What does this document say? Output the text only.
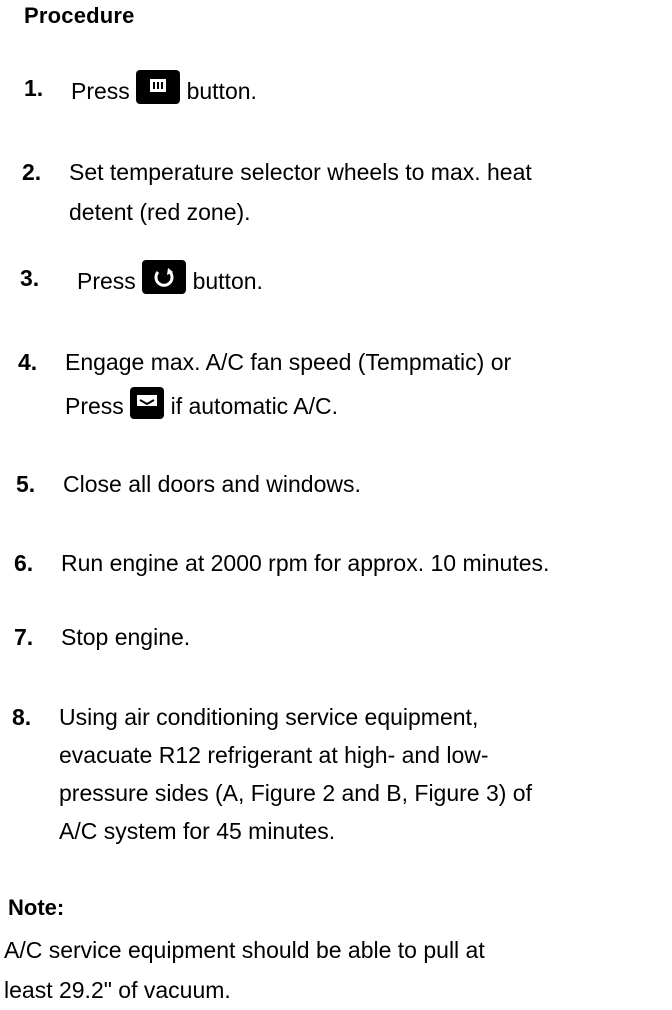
Procedure
1. Press button.
2. Set temperature selector wheels to max. heat
detent (red zone).
3. Press button.
4. Engage max. A/C fan speed (Tempmatic) or
Press if automatic A/C.
5. Close all doors and windows.
6. Run engine at 2000 rpm for approx. 10 minutes.
7. Stop engine.
8. Using air conditioning service equipment,
evacuate R12 refrigerant at high- and low-
pressure sides (A, Figure 2 and B, Figure 3) of
A/C system for 45 minutes.
Note:
A/C service equipment should be able to pull at
least 29.2" of vacuum.
